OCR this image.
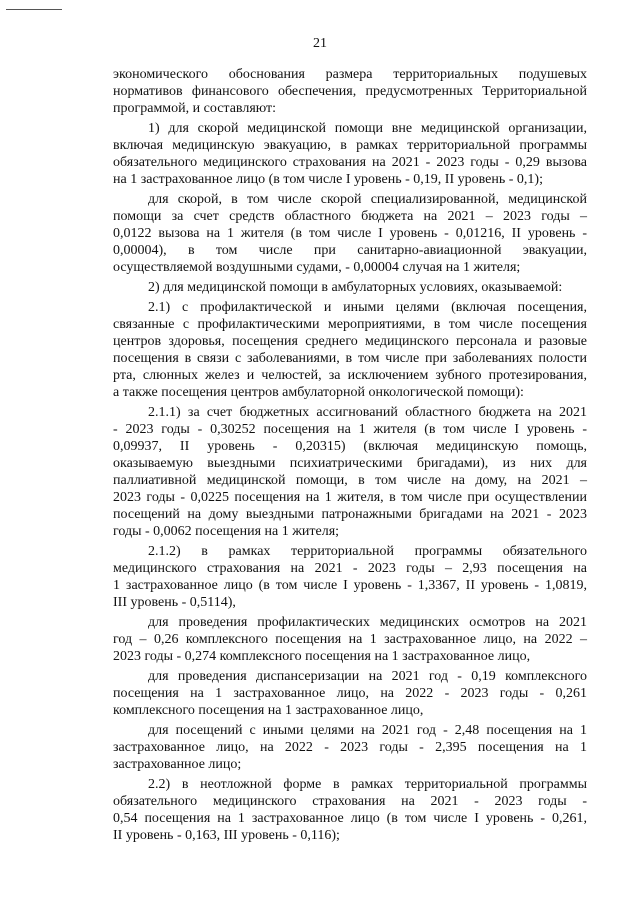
21
экономического обоснования размера территориальных подушевых
нормативов финансового обеспечения, предусмотренных Территориальной
программой, и составляют:
1) для скорой медицинской помощи вне медицинской организации,
включая медицинскую эвакуацию, в рамках территориальной программы
обязательного медицинского страхования на 2021 - 2023 годы - 0,29 вызова
на 1 застрахованное лицо (в том числе I уровень - 0,19, II уровень - 0,1);
для скорой, в том числе скорой специализированной, медицинской
помощи за счет средств областного бюджета на 2021 – 2023 годы –
0,0122 вызова на 1 жителя (в том числе I уровень - 0,01216, II уровень -
0,00004), в том числе при санитарно-авиационной эвакуации,
осуществляемой воздушными судами, - 0,00004 случая на 1 жителя;
2) для медицинской помощи в амбулаторных условиях, оказываемой:
2.1) с профилактической и иными целями (включая посещения,
связанные с профилактическими мероприятиями, в том числе посещения
центров здоровья, посещения среднего медицинского персонала и разовые
посещения в связи с заболеваниями, в том числе при заболеваниях полости
рта, слюнных желез и челюстей, за исключением зубного протезирования,
а также посещения центров амбулаторной онкологической помощи):
2.1.1) за счет бюджетных ассигнований областного бюджета на 2021
- 2023 годы - 0,30252 посещения на 1 жителя (в том числе I уровень -
0,09937, II уровень - 0,20315) (включая медицинскую помощь,
оказываемую выездными психиатрическими бригадами), из них для
паллиативной медицинской помощи, в том числе на дому, на 2021 –
2023 годы - 0,0225 посещения на 1 жителя, в том числе при осуществлении
посещений на дому выездными патронажными бригадами на 2021 - 2023
годы - 0,0062 посещения на 1 жителя;
2.1.2) в рамках территориальной программы обязательного
медицинского страхования на 2021 - 2023 годы – 2,93 посещения на
1 застрахованное лицо (в том числе I уровень - 1,3367, II уровень - 1,0819,
III уровень - 0,5114),
для проведения профилактических медицинских осмотров на 2021
год – 0,26 комплексного посещения на 1 застрахованное лицо, на 2022 –
2023 годы - 0,274 комплексного посещения на 1 застрахованное лицо,
для проведения диспансеризации на 2021 год - 0,19 комплексного
посещения на 1 застрахованное лицо, на 2022 - 2023 годы - 0,261
комплексного посещения на 1 застрахованное лицо,
для посещений с иными целями на 2021 год - 2,48 посещения на 1
застрахованное лицо, на 2022 - 2023 годы - 2,395 посещения на 1
застрахованное лицо;
2.2) в неотложной форме в рамках территориальной программы
обязательного медицинского страхования на 2021 - 2023 годы -
0,54 посещения на 1 застрахованное лицо (в том числе I уровень - 0,261,
II уровень - 0,163, III уровень - 0,116);
